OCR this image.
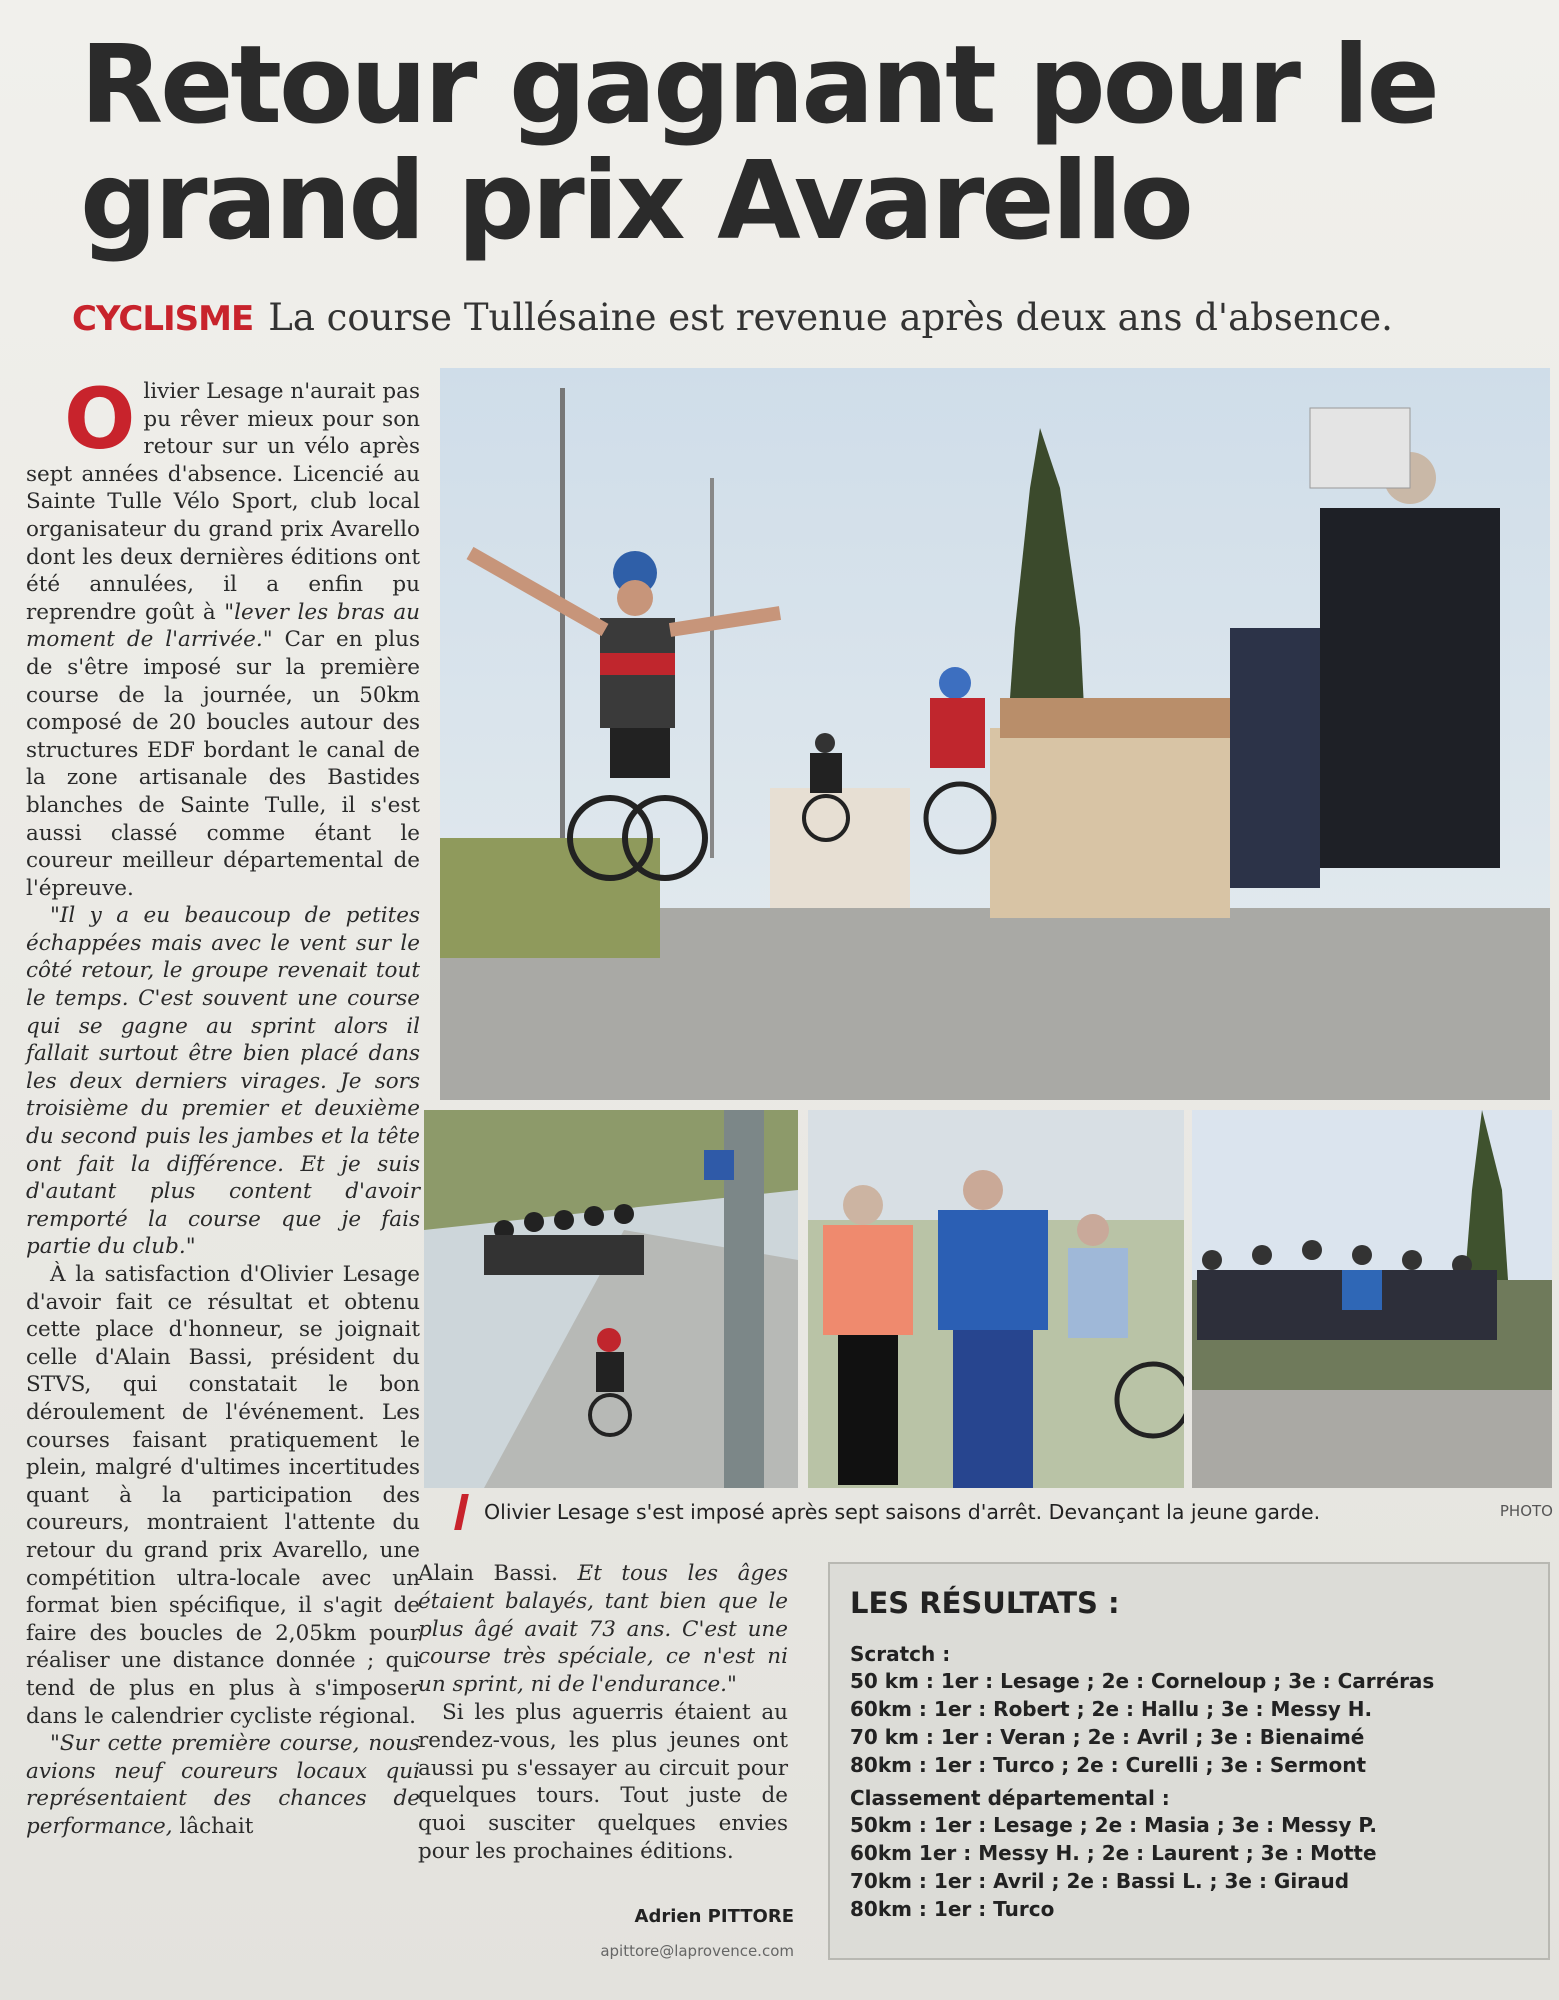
Retour gagnant pour le
grand prix Avarello
CYCLISME La course Tullésaine est revenue après deux ans d'absence.
O livier Lesage n'aurait pas pu rêver mieux pour son retour sur un vélo après sept années d'absence. Licencié au Sainte Tulle Vélo Sport, club local organisateur du grand prix Avarello dont les deux dernières éditions ont été annulées, il a enfin pu reprendre goût à "lever les bras au moment de l'arrivée." Car en plus de s'être imposé sur la première course de la journée, un 50km composé de 20 boucles autour des structures EDF bordant le canal de la zone artisanale des Bastides blanches de Sainte Tulle, il s'est aussi classé comme étant le coureur meilleur départemental de l'épreuve.

"Il y a eu beaucoup de petites échappées mais avec le vent sur le côté retour, le groupe revenait tout le temps. C'est souvent une course qui se gagne au sprint alors il fallait surtout être bien placé dans les deux derniers virages. Je sors troisième du premier et deuxième du second puis les jambes et la tête ont fait la différence. Et je suis d'autant plus content d'avoir remporté la course que je fais partie du club."

À la satisfaction d'Olivier Lesage d'avoir fait ce résultat et obtenu cette place d'honneur, se joignait celle d'Alain Bassi, président du STVS, qui constatait le bon déroulement de l'événement. Les courses faisant pratiquement le plein, malgré d'ultimes incertitudes quant à la participation des coureurs, montraient l'attente du retour du grand prix Avarello, une compétition ultra-locale avec un format bien spécifique, il s'agit de faire des boucles de 2,05km pour réaliser une distance donnée ; qui tend de plus en plus à s'imposer dans le calendrier cycliste régional.

"Sur cette première course, nous avions neuf coureurs locaux qui représentaient des chances de performance, lâchait

Olivier Lesage s'est imposé après sept saisons d'arrêt. Devançant la jeune garde.	PHOTO

Alain Bassi. Et tous les âges étaient balayés, tant bien que le plus âgé avait 73 ans. C'est une course très spéciale, ce n'est ni un sprint, ni de l'endurance."

Si les plus aguerris étaient au rendez-vous, les plus jeunes ont aussi pu s'essayer au circuit pour quelques tours. Tout juste de quoi susciter quelques envies pour les prochaines éditions.

Adrien PITTORE
apittore@laprovence.com
LES RÉSULTATS :
Scratch :
50 km : 1er : Lesage ; 2e : Corneloup ; 3e : Carréras
60km : 1er : Robert ; 2e : Hallu ; 3e : Messy H.
70 km : 1er : Veran ; 2e : Avril ; 3e : Bienaimé
80km : 1er : Turco ; 2e : Curelli ; 3e : Sermont
Classement départemental :
50km : 1er : Lesage ; 2e : Masia ; 3e : Messy P.
60km 1er : Messy H. ; 2e : Laurent ; 3e : Motte
70km : 1er : Avril ; 2e : Bassi L. ; 3e : Giraud
80km : 1er : Turco
